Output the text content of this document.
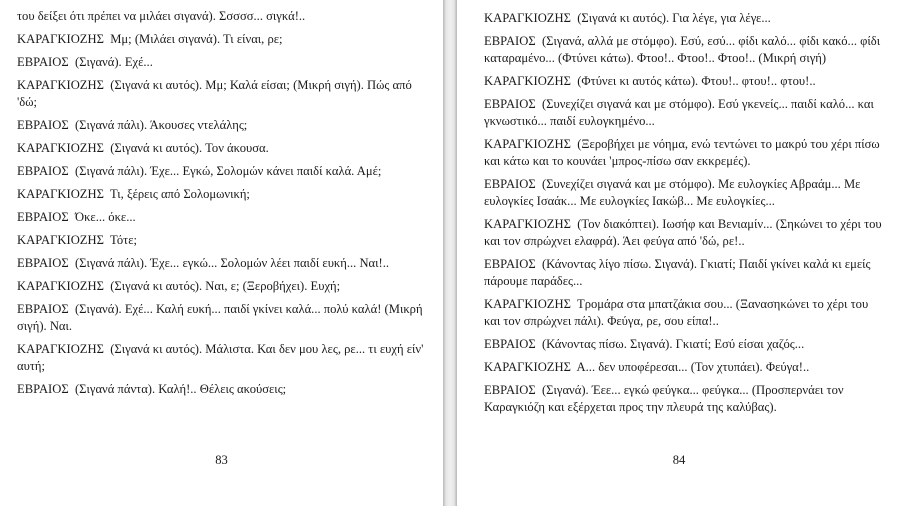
του δείξει ότι πρέπει να μιλάει σιγανά). Σσσσσ... σιγκά!..
ΚΑΡΑΓΚΙΟΖΗΣ Μμ; (Μιλάει σιγανά). Τι είναι, ρε;
ΕΒΡΑΙΟΣ (Σιγανά). Εχέ...
ΚΑΡΑΓΚΙΟΖΗΣ (Σιγανά κι αυτός). Μμ; Καλά είσαι; (Μικρή σιγή). Πώς από 'δώ;
ΕΒΡΑΙΟΣ (Σιγανά πάλι). Άκουσες ντελάλης;
ΚΑΡΑΓΚΙΟΖΗΣ (Σιγανά κι αυτός). Τον άκουσα.
ΕΒΡΑΙΟΣ (Σιγανά πάλι). Έχε... Εγκώ, Σολομών κάνει παιδί καλά. Αμέ;
ΚΑΡΑΓΚΙΟΖΗΣ Τι, ξέρεις από Σολομωνική;
ΕΒΡΑΙΟΣ Όκε... όκε...
ΚΑΡΑΓΚΙΟΖΗΣ Τότε;
ΕΒΡΑΙΟΣ (Σιγανά πάλι). Έχε... εγκώ... Σολομών λέει παιδί ευκή... Ναι!..
ΚΑΡΑΓΚΙΟΖΗΣ (Σιγανά κι αυτός). Ναι, ε; (Ξεροβήχει). Ευχή;
ΕΒΡΑΙΟΣ (Σιγανά). Εχέ... Καλή ευκή... παιδί γκίνει καλά... πολύ καλά! (Μικρή σιγή). Ναι.
ΚΑΡΑΓΚΙΟΖΗΣ (Σιγανά κι αυτός). Μάλιστα. Και δεν μου λες, ρε... τι ευχή είν' αυτή;
ΕΒΡΑΙΟΣ (Σιγανά πάντα). Καλή!.. Θέλεις ακούσεις;
83
ΚΑΡΑΓΚΙΟΖΗΣ (Σιγανά κι αυτός). Για λέγε, για λέγε...
ΕΒΡΑΙΟΣ (Σιγανά, αλλά με στόμφο). Εσύ, εσύ... φίδι καλό... φίδι κακό... φίδι καταραμένο... (Φτύνει κάτω). Φτοο!.. Φτοο!.. Φτοο!.. (Μικρή σιγή)
ΚΑΡΑΓΚΙΟΖΗΣ (Φτύνει κι αυτός κάτω). Φτου!.. φτου!.. φτου!..
ΕΒΡΑΙΟΣ (Συνεχίζει σιγανά και με στόμφο). Εσύ γκενείς... παιδί καλό... και γκνωστικό... παιδί ευλογκημένο...
ΚΑΡΑΓΚΙΟΖΗΣ (Ξεροβήχει με νόημα, ενώ τεντώνει το μακρύ του χέρι πίσω και κάτω και το κουνάει 'μπρος-πίσω σαν εκκρεμές).
ΕΒΡΑΙΟΣ (Συνεχίζει σιγανά και με στόμφο). Με ευλογκίες Αβραάμ... Με ευλογκίες Ισαάκ... Με ευλογκίες Ιακώβ... Με ευλογκίες...
ΚΑΡΑΓΚΙΟΖΗΣ (Τον διακόπτει). Ιωσήφ και Βενιαμίν... (Σηκώνει το χέρι του και τον σπρώχνει ελαφρά). Άει φεύγα από 'δώ, ρε!..
ΕΒΡΑΙΟΣ (Κάνοντας λίγο πίσω. Σιγανά). Γκιατί; Παιδί γκίνει καλά κι εμείς πάρουμε παράδες...
ΚΑΡΑΓΚΙΟΖΗΣ Τρομάρα στα μπατζάκια σου... (Ξανασηκώνει το χέρι του και τον σπρώχνει πάλι). Φεύγα, ρε, σου είπα!..
ΕΒΡΑΙΟΣ (Κάνοντας πίσω. Σιγανά). Γκιατί; Εσύ είσαι χαζός...
ΚΑΡΑΓΚΙΟΖΗΣ Α... δεν υποφέρεσαι... (Τον χτυπάει). Φεύγα!..
ΕΒΡΑΙΟΣ (Σιγανά). Έεε... εγκώ φεύγκα... φεύγκα... (Προσπερνάει τον Καραγκιόζη και εξέρχεται προς την πλευρά της καλύβας).
84
